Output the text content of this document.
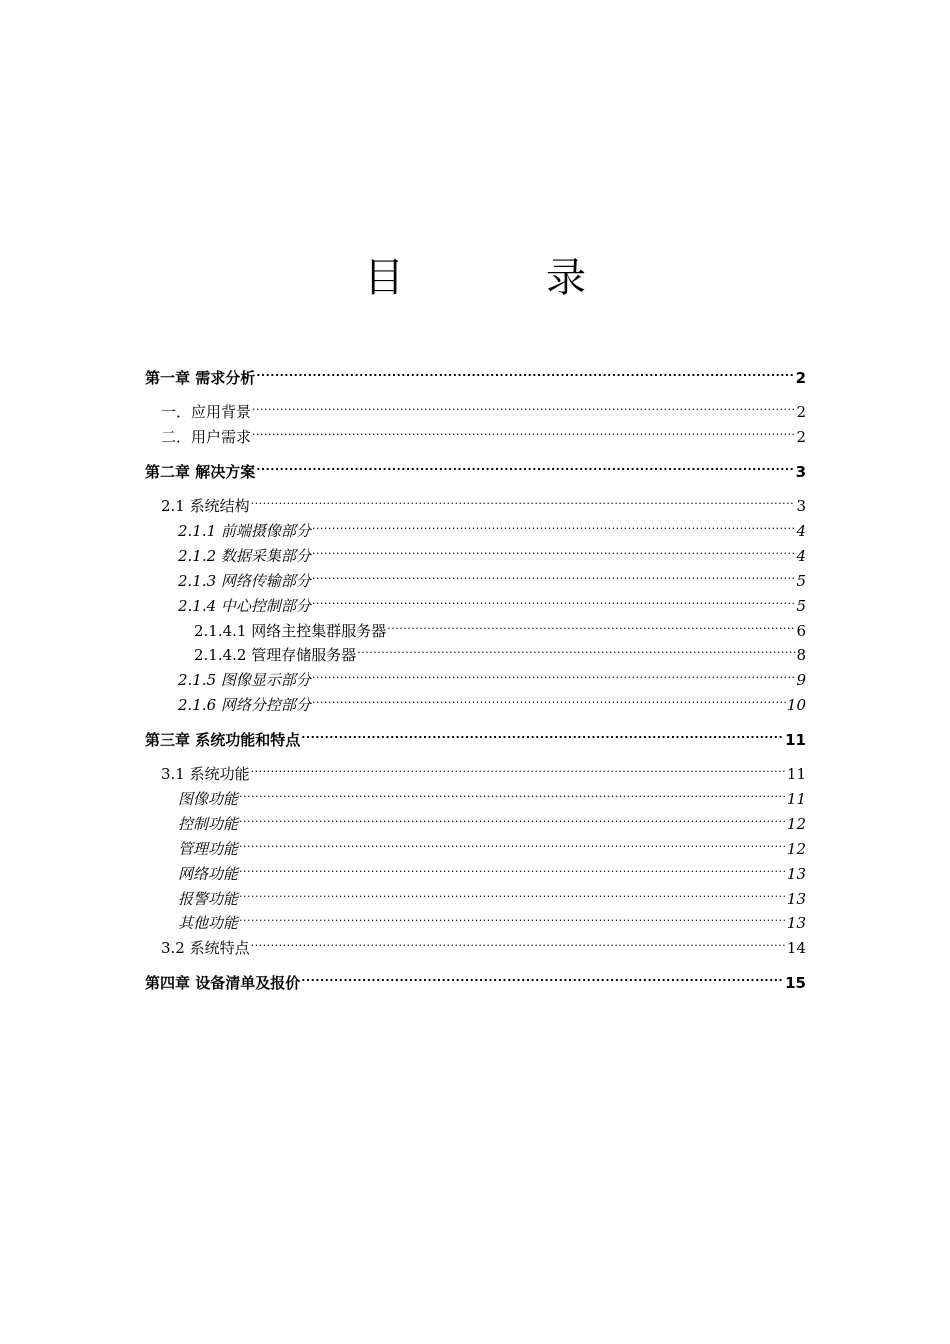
目	录
第一章 需求分析 .....	2
一．应用背景 .....	2
二．用户需求 .....	2
第二章 解决方案 .....	3
2.1 系统结构 .....	3
2.1.1 前端摄像部分 .....	4
2.1.2 数据采集部分 .....	4
2.1.3 网络传输部分 .....	5
2.1.4 中心控制部分 .....	5
2.1.4.1 网络主控集群服务器 .....	6
2.1.4.2 管理存储服务器 .....	8
2.1.5 图像显示部分 .....	9
2.1.6 网络分控部分 .....	10
第三章 系统功能和特点 .....	11
3.1 系统功能 .....	11
图像功能 .....	11
控制功能 .....	12
管理功能 .....	12
网络功能 .....	13
报警功能 .....	13
其他功能 .....	13
3.2 系统特点 .....	14
第四章 设备清单及报价 .....	15
